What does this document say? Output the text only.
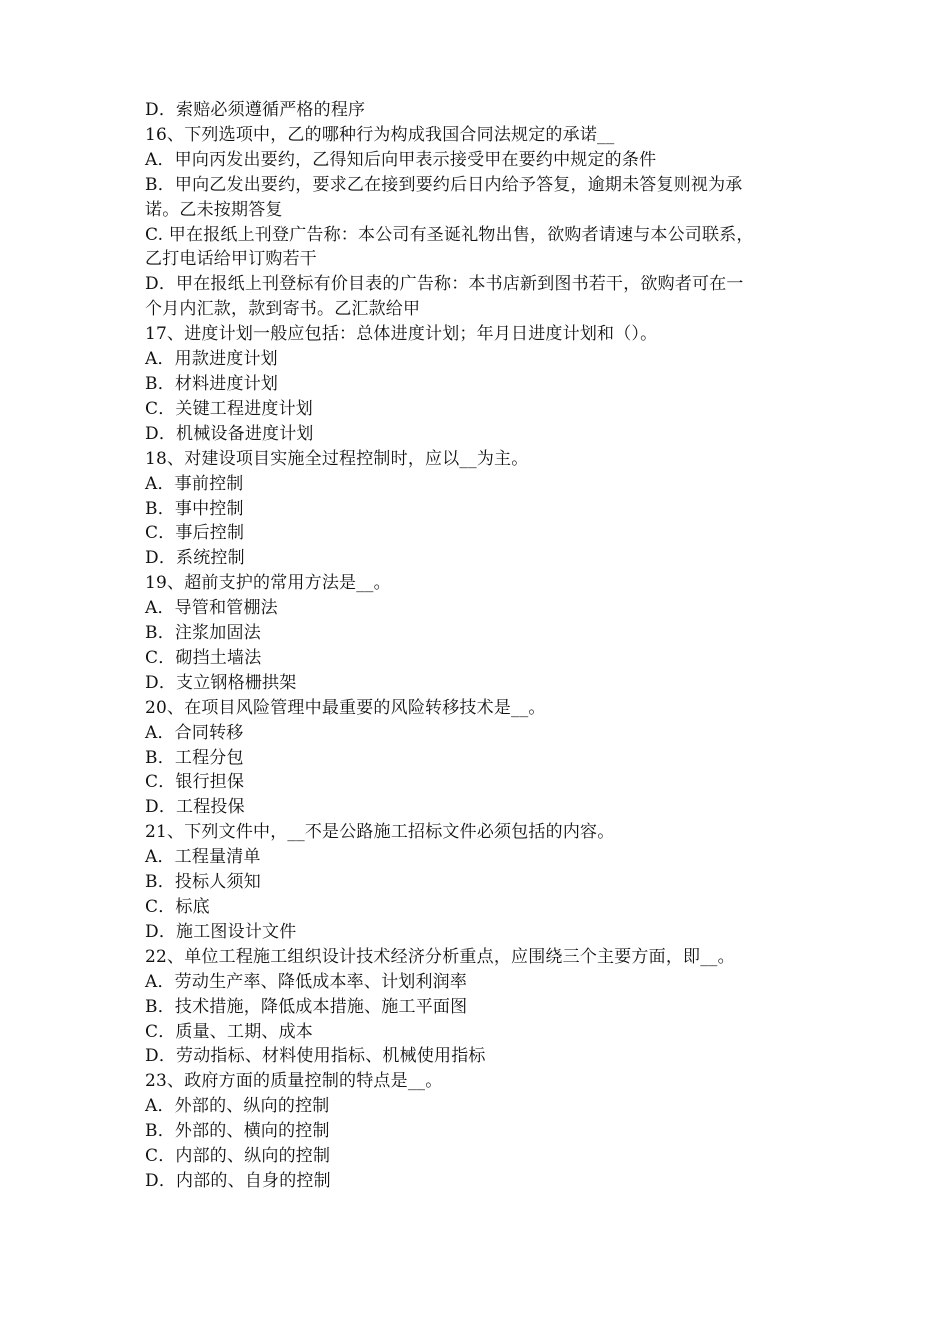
D．索赔必须遵循严格的程序
16、下列选项中，乙的哪种行为构成我国合同法规定的承诺__
A．甲向丙发出要约，乙得知后向甲表示接受甲在要约中规定的条件
B．甲向乙发出要约，要求乙在接到要约后日内给予答复，逾期未答复则视为承
诺。乙未按期答复
C. 甲在报纸上刊登广告称：本公司有圣诞礼物出售，欲购者请速与本公司联系，
乙打电话给甲订购若干
D．甲在报纸上刊登标有价目表的广告称：本书店新到图书若干，欲购者可在一
个月内汇款，款到寄书。乙汇款给甲
17、进度计划一般应包括：总体进度计划；年月日进度计划和（）。
A．用款进度计划
B．材料进度计划
C．关键工程进度计划
D．机械设备进度计划
18、对建设项目实施全过程控制时，应以__为主。
A．事前控制
B．事中控制
C．事后控制
D．系统控制
19、超前支护的常用方法是__。
A．导管和管棚法
B．注浆加固法
C．砌挡土墙法
D．支立钢格栅拱架
20、在项目风险管理中最重要的风险转移技术是__。
A．合同转移
B．工程分包
C．银行担保
D．工程投保
21、下列文件中，__不是公路施工招标文件必须包括的内容。
A．工程量清单
B．投标人须知
C．标底
D．施工图设计文件
22、单位工程施工组织设计技术经济分析重点，应围绕三个主要方面，即__。
A．劳动生产率、降低成本率、计划利润率
B．技术措施，降低成本措施、施工平面图
C．质量、工期、成本
D．劳动指标、材料使用指标、机械使用指标
23、政府方面的质量控制的特点是__。
A．外部的、纵向的控制
B．外部的、横向的控制
C．内部的、纵向的控制
D．内部的、自身的控制
